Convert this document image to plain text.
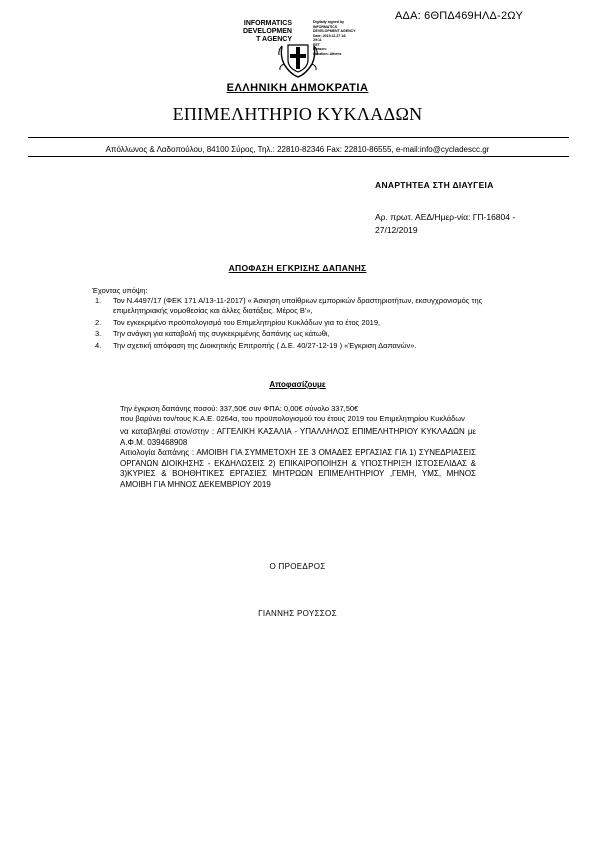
ΑΔΑ: 6ΘΠΔ469ΗΛΔ-2ΩΥ
INFORMATICS
DEVELOPMEN
T AGENCY
Digitally signed by
INFORMATICS
DEVELOPMENT AGENCY
Date: 2019.12.27 14:
29:11
EET
Reason:
Location: Athens
ΕΛΛΗΝΙΚΗ ΔΗΜΟΚΡΑΤΙΑ
ΕΠΙΜΕΛΗΤΗΡΙΟ ΚΥΚΛΑΔΩΝ
Απόλλωνος & Λαδοπούλου, 84100 Σύρος, Τηλ.: 22810-82346 Fax: 22810-86555, e-mail:info@cycladescc.gr
ΑΝΑΡΤΗΤΕΑ ΣΤΗ ΔΙΑΥΓΕΙΑ
Αρ. πρωτ. ΑΕΔ/Ημερ-νία: ΓΠ-16804 -
27/12/2019
ΑΠΟΦΑΣΗ ΕΓΚΡΙΣΗΣ ΔΑΠΑΝΗΣ
Έχοντας υπόψη:
1. Τον Ν.4497/17 (ΦΕΚ 171 Α/13-11-2017) « Άσκηση υπαίθριων εμπορικών δραστηριοτήτων, εκσυγχρονισμός της επιμελητηριακής νομοθεσίας και άλλες διατάξεις. Μέρος Β'»,
2. Τον εγκεκριμένο προϋπολογισμό του Επιμελητηρίου Κυκλάδων για το έτος 2019,
3. Την ανάγκη για καταβολή της συγκεκριμένης δαπάνης ως κάτωθι,
4. Την σχετική απόφαση της Διοικητικής Επιτροπής ( Δ.Ε. 40/27-12-19 ) «Έγκριση Δαπανών».
Αποφασίζουμε

Την έγκριση δαπάνης ποσού: 337,50€ συν ΦΠΑ: 0,00€ σύνολο 337,50€

που βαρύνει τον/τους Κ.Α.Ε. 0264α, του προϋπολογισμού του έτους 2019 του Επιμελητηρίου Κυκλάδων

να καταβληθεί στον/στην : ΑΓΓΕΛΙΚΗ ΚΑΣΑΛΙΑ - ΥΠΑΛΛΗΛΟΣ ΕΠΙΜΕΛΗΤΗΡΙΟΥ ΚΥΚΛΑΔΩΝ με Α.Φ.Μ. 039468908

Αιτιολογία δαπάνης : ΑΜΟΙΒΗ ΓΙΑ ΣΥΜΜΕΤΟΧΗ ΣΕ 3 ΟΜΑΔΕΣ ΕΡΓΑΣΙΑΣ ΓΙΑ 1) ΣΥΝΕΔΡΙΑΣΕΙΣ ΟΡΓΑΝΩΝ ΔΙΟΙΚΗΣΗΣ - ΕΚΔΗΛΩΣΕΙΣ 2) ΕΠΙΚΑΙΡΟΠΟΙΗΣΗ & ΥΠΟΣΤΗΡΙΞΗ ΙΣΤΟΣΕΛΙΔΑΣ & 3)ΚΥΡΙΕΣ & ΒΟΗΘΗΤΙΚΕΣ ΕΡΓΑΣΙΕΣ ΜΗΤΡΩΩΝ ΕΠΙΜΕΛΗΤΗΡΙΟΥ ,ΓΕΜΗ, ΥΜΣ, ΜΗΝΟΣ ΑΜΟΙΒΗ ΓΙΑ ΜΗΝΟΣ ΔΕΚΕΜΒΡΙΟΥ 2019

Ο ΠΡΟΕΔΡΟΣ
ΓΙΑΝΝΗΣ ΡΟΥΣΣΟΣ
